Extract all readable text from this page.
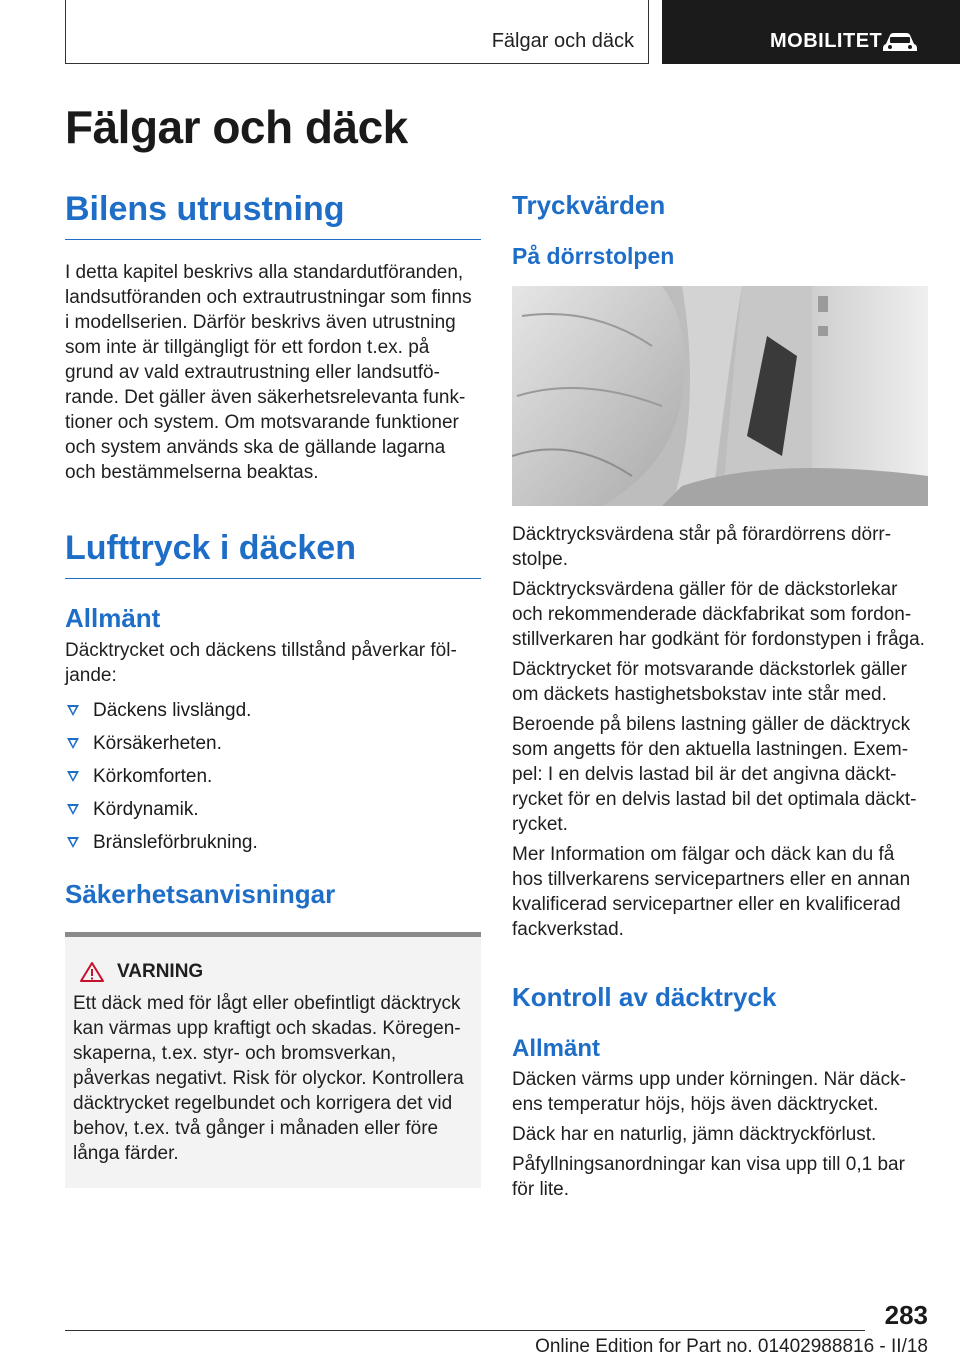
Fälgar och däck	MOBILITET
Fälgar och däck
Bilens utrustning

I detta kapitel beskrivs alla standardutföranden, landsutföranden och extrautrustningar som finns i modellserien. Därför beskrivs även utrustning som inte är tillgängligt för ett fordon t.ex. på grund av vald extrautrustning eller landsutförande. Det gäller även säkerhetsrelevanta funktioner och system. Om motsvarande funktioner och system används ska de gällande lagarna och bestämmelserna beaktas.

Lufttryck i däcken
Allmänt

Däcktrycket och däckens tillstånd påverkar följande:

Däckens livslängd.
Körsäkerheten.
Körkomforten.
Kördynamik.
Bränsleförbrukning.
Säkerhetsanvisningar
VARNING

Ett däck med för lågt eller obefintligt däcktryck kan värmas upp kraftigt och skadas. Köregenskaperna, t.ex. styr- och bromsverkan, påverkas negativt. Risk för olyckor. Kontrollera däcktrycket regelbundet och korrigera det vid behov, t.ex. två gånger i månaden eller före långa färder.

Tryckvärden
På dörrstolpen

Däcktrycksvärdena står på förardörrens dörrstolpe.

Däcktrycksvärdena gäller för de däckstorlekar och rekommenderade däckfabrikat som fordonstillverkaren har godkänt för fordonstypen i fråga.

Däcktrycket för motsvarande däckstorlek gäller om däckets hastighetsbokstav inte står med.

Beroende på bilens lastning gäller de däcktryck som angetts för den aktuella lastningen. Exempel: I en delvis lastad bil är det angivna däcktrycket för en delvis lastad bil det optimala däcktrycket.

Mer Information om fälgar och däck kan du få hos tillverkarens servicepartners eller en annan kvalificerad servicepartner eller en kvalificerad fackverkstad.

Kontroll av däcktryck
Allmänt

Däcken värms upp under körningen. När däckens temperatur höjs, höjs även däcktrycket.

Däck har en naturlig, jämn däcktryckförlust.

Påfyllningsanordningar kan visa upp till 0,1 bar för lite.

283
Online Edition for Part no. 01402988816 - II/18
